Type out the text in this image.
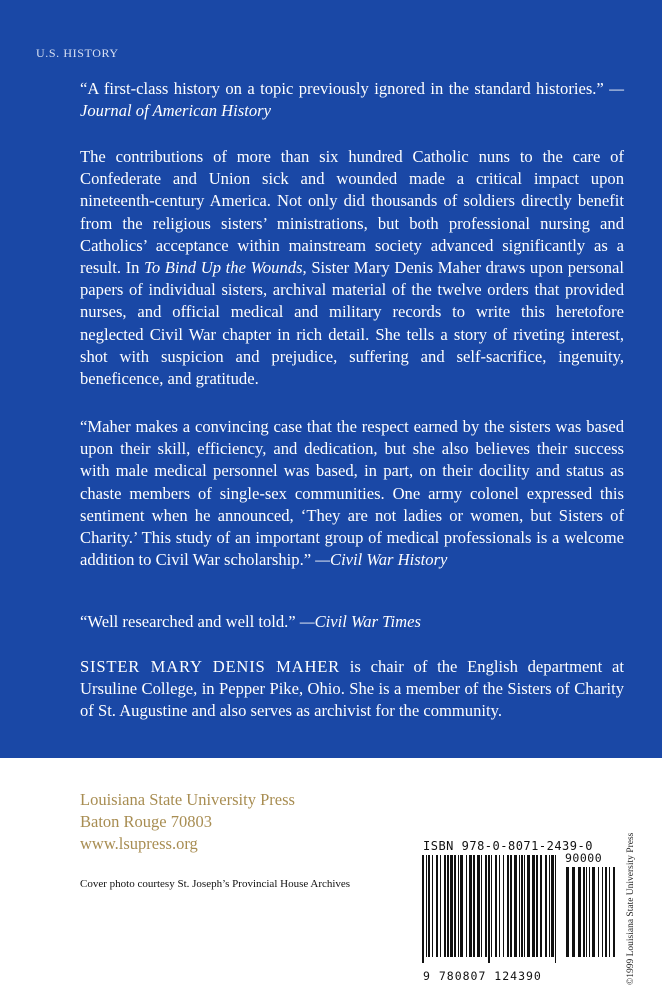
U.S. HISTORY

“A first-class history on a topic previously ignored in the standard histories.” —Journal of American History

The contributions of more than six hundred Catholic nuns to the care of Confederate and Union sick and wounded made a critical impact upon nineteenth-century America. Not only did thousands of soldiers directly benefit from the religious sisters’ ministrations, but both professional nursing and Catholics’ acceptance within mainstream society advanced significantly as a result. In To Bind Up the Wounds, Sister Mary Denis Maher draws upon personal papers of individual sisters, archival material of the twelve orders that provided nurses, and official medical and military records to write this heretofore neglected Civil War chapter in rich detail. She tells a story of riveting interest, shot with suspicion and prejudice, suffering and self-sacrifice, ingenuity, beneficence, and gratitude.

“Maher makes a convincing case that the respect earned by the sisters was based upon their skill, efficiency, and dedication, but she also believes their success with male medical personnel was based, in part, on their docility and status as chaste members of single-sex communities. One army colonel expressed this sentiment when he announced, ‘They are not ladies or women, but Sisters of Charity.’ This study of an important group of medical professionals is a welcome addition to Civil War scholarship.” —Civil War History

“Well researched and well told.” —Civil War Times

SISTER MARY DENIS MAHER is chair of the English department at Ursuline College, in Pepper Pike, Ohio. She is a member of the Sisters of Charity of St. Augustine and also serves as archivist for the community.

Louisiana State University Press
Baton Rouge 70803
www.lsupress.org
Cover photo courtesy St. Joseph’s Provincial House Archives	©1999 Louisiana State University Press
ISBN 978-0-8071-2439-0
90000
9 780807 124390
